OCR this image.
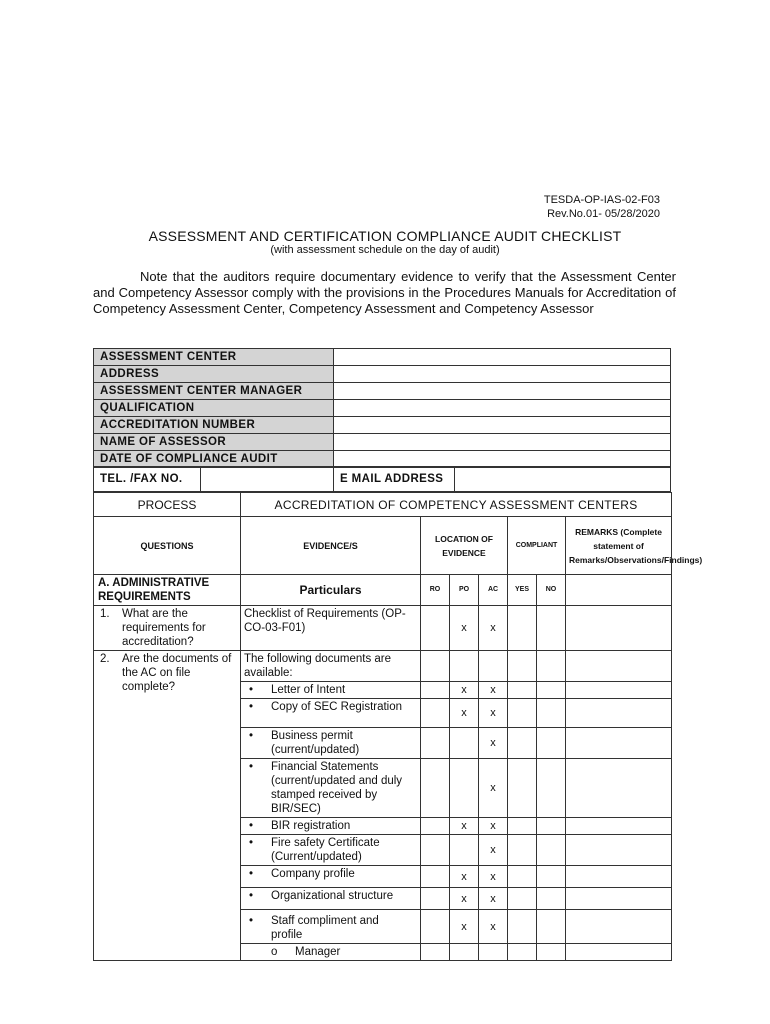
TESDA-OP-IAS-02-F03
Rev.No.01- 05/28/2020
ASSESSMENT AND CERTIFICATION COMPLIANCE AUDIT CHECKLIST
(with assessment schedule on the day of audit)
Note that the auditors require documentary evidence to verify that the Assessment Center and Competency Assessor comply with the provisions in the Procedures Manuals for Accreditation of Competency Assessment Center, Competency Assessment and Competency Assessor
ASSESSMENT CENTER	
ADDRESS	
ASSESSMENT CENTER MANAGER	
QUALIFICATION	
ACCREDITATION NUMBER	
NAME OF ASSESSOR	
DATE OF COMPLIANCE AUDIT	
TEL. /FAX NO.		E MAIL ADDRESS	
PROCESS	ACCREDITATION OF COMPETENCY ASSESSMENT CENTERS						
QUESTIONS	EVIDENCE/S	LOCATION OF EVIDENCE			COMPLIANT		REMARKS (Complete statement of Remarks/Observations/Findings)
A. ADMINISTRATIVE REQUIREMENTS	Particulars	RO	PO	AC	YES	NO	
1. What are the requirements for accreditation?	Checklist of Requirements (OP-CO-03-F01)		x	x			
2. Are the documents of the AC on file complete?	The following documents are available:						
	• Letter of Intent		x	x			
	• Copy of SEC Registration		x	x			
	• Business permit (current/updated)			x			
	• Financial Statements (current/updated and duly stamped received by BIR/SEC)			x			
	• BIR registration		x	x			
	• Fire safety Certificate (Current/updated)			x			
	• Company profile		x	x			
	• Organizational structure		x	x			
	• Staff compliment and profile		x	x			
	o Manager						
